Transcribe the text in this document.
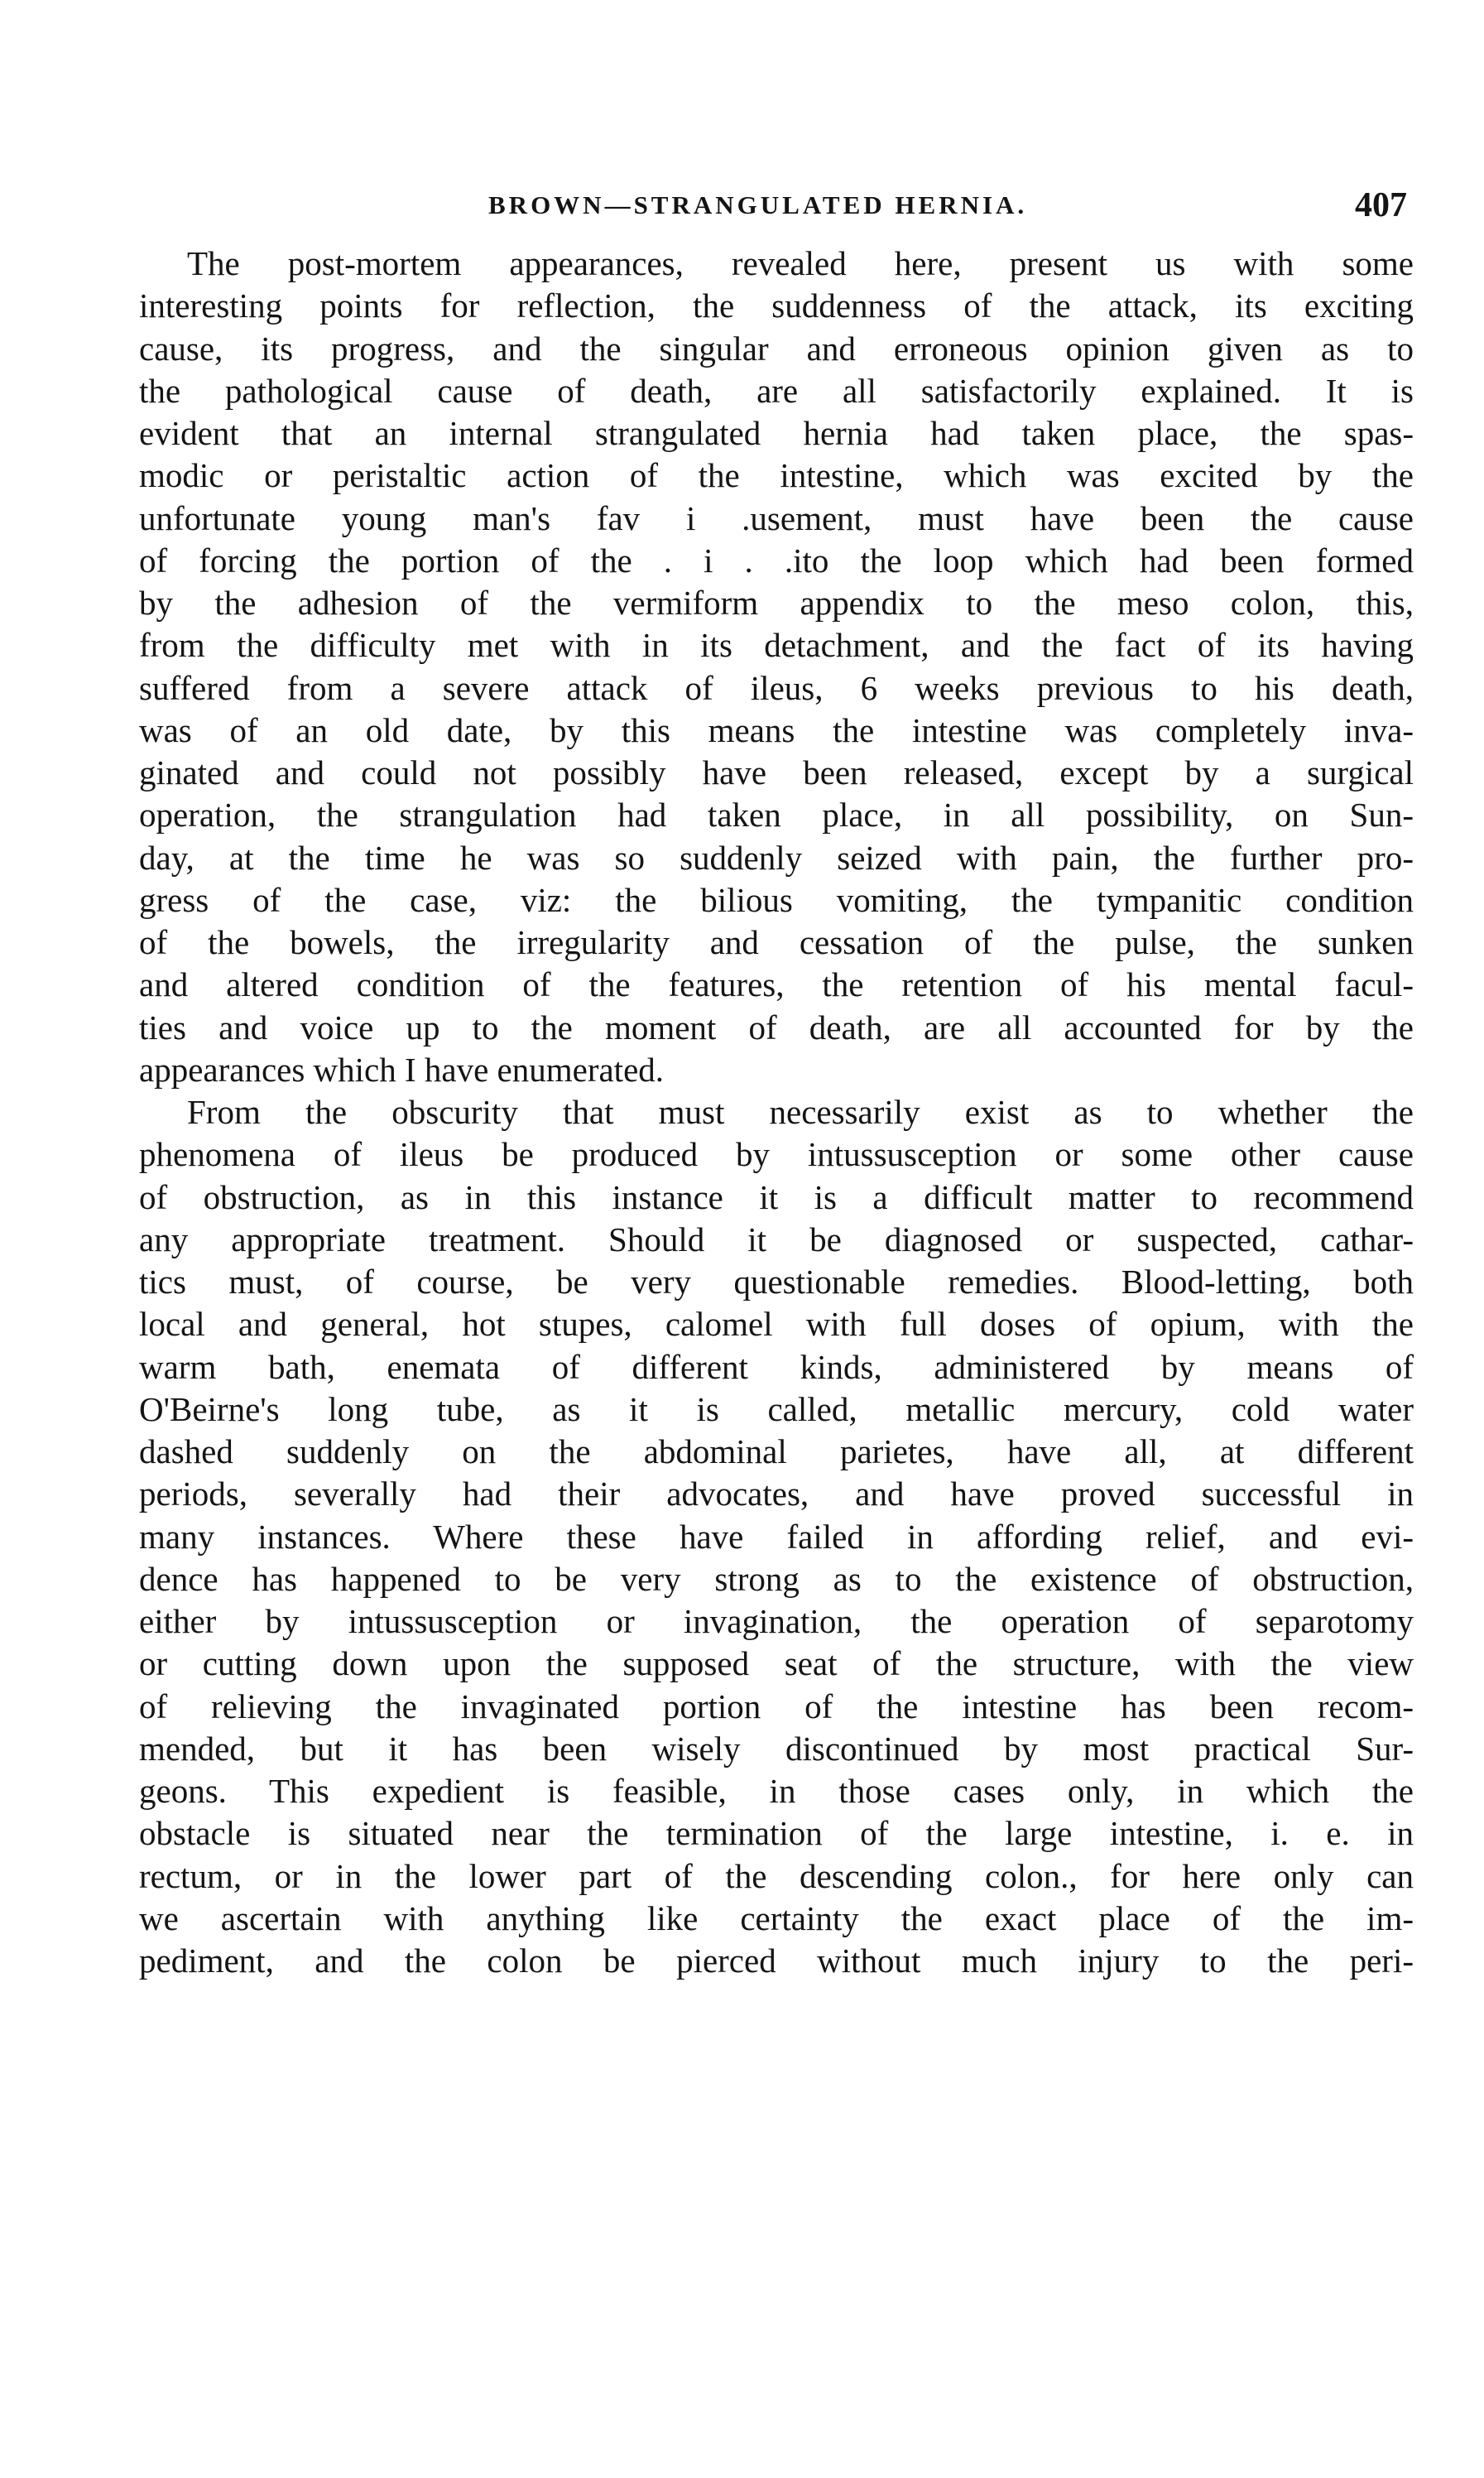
BROWN—STRANGULATED HERNIA.	407
The post-mortem appearances, revealed here, present us with some
interesting points for reflection, the suddenness of the attack, its exciting
cause, its progress, and the singular and erroneous opinion given as to
the pathological cause of death, are all satisfactorily explained. It is
evident that an internal strangulated hernia had taken place, the spas-
modic or peristaltic action of the intestine, which was excited by the
unfortunate young man's fav i .usement, must have been the cause
of forcing the portion of the . i . .ito the loop which had been formed
by the adhesion of the vermiform appendix to the meso colon, this,
from the difficulty met with in its detachment, and the fact of its having
suffered from a severe attack of ileus, 6 weeks previous to his death,
was of an old date, by this means the intestine was completely inva-
ginated and could not possibly have been released, except by a surgical
operation, the strangulation had taken place, in all possibility, on Sun-
day, at the time he was so suddenly seized with pain, the further pro-
gress of the case, viz: the bilious vomiting, the tympanitic condition
of the bowels, the irregularity and cessation of the pulse, the sunken
and altered condition of the features, the retention of his mental facul-
ties and voice up to the moment of death, are all accounted for by the
appearances which I have enumerated.
From the obscurity that must necessarily exist as to whether the
phenomena of ileus be produced by intussusception or some other cause
of obstruction, as in this instance it is a difficult matter to recommend
any appropriate treatment. Should it be diagnosed or suspected, cathar-
tics must, of course, be very questionable remedies. Blood-letting, both
local and general, hot stupes, calomel with full doses of opium, with the
warm bath, enemata of different kinds, administered by means of
O'Beirne's long tube, as it is called, metallic mercury, cold water
dashed suddenly on the abdominal parietes, have all, at different
periods, severally had their advocates, and have proved successful in
many instances. Where these have failed in affording relief, and evi-
dence has happened to be very strong as to the existence of obstruction,
either by intussusception or invagination, the operation of separotomy
or cutting down upon the supposed seat of the structure, with the view
of relieving the invaginated portion of the intestine has been recom-
mended, but it has been wisely discontinued by most practical Sur-
geons. This expedient is feasible, in those cases only, in which the
obstacle is situated near the termination of the large intestine, i. e. in
rectum, or in the lower part of the descending colon., for here only can
we ascertain with anything like certainty the exact place of the im-
pediment, and the colon be pierced without much injury to the peri-
